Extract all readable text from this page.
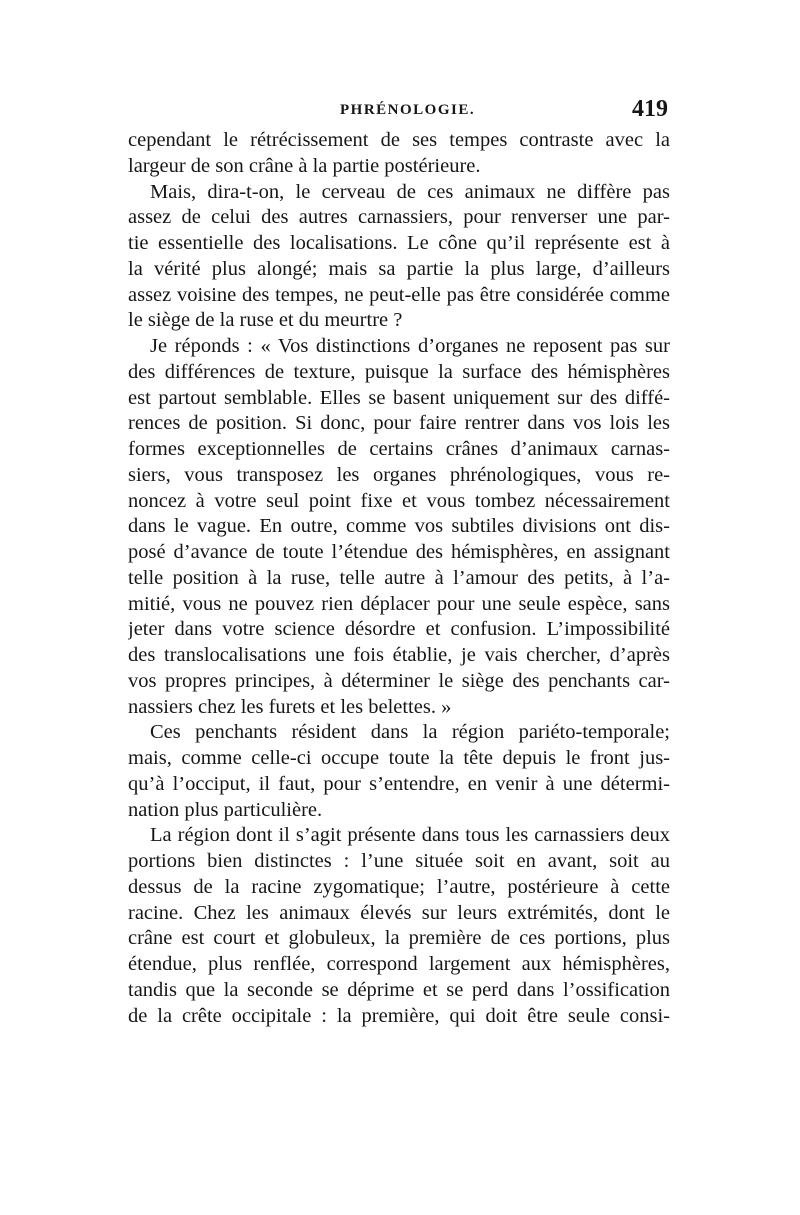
PHRÉNOLOGIE.	419
cependant le rétrécissement de ses tempes contraste avec la
largeur de son crâne à la partie postérieure.
Mais, dira-t-on, le cerveau de ces animaux ne diffère pas
assez de celui des autres carnassiers, pour renverser une par-
tie essentielle des localisations. Le cône qu’il représente est à
la vérité plus alongé; mais sa partie la plus large, d’ailleurs
assez voisine des tempes, ne peut-elle pas être considérée comme
le siège de la ruse et du meurtre ?
Je réponds : « Vos distinctions d’organes ne reposent pas sur
des différences de texture, puisque la surface des hémisphères
est partout semblable. Elles se basent uniquement sur des diffé-
rences de position. Si donc, pour faire rentrer dans vos lois les
formes exceptionnelles de certains crânes d’animaux carnas-
siers, vous transposez les organes phrénologiques, vous re-
noncez à votre seul point fixe et vous tombez nécessairement
dans le vague. En outre, comme vos subtiles divisions ont dis-
posé d’avance de toute l’étendue des hémisphères, en assignant
telle position à la ruse, telle autre à l’amour des petits, à l’a-
mitié, vous ne pouvez rien déplacer pour une seule espèce, sans
jeter dans votre science désordre et confusion. L’impossibilité
des translocalisations une fois établie, je vais chercher, d’après
vos propres principes, à déterminer le siège des penchants car-
nassiers chez les furets et les belettes. »
Ces penchants résident dans la région pariéto-temporale;
mais, comme celle-ci occupe toute la tête depuis le front jus-
qu’à l’occiput, il faut, pour s’entendre, en venir à une détermi-
nation plus particulière.
La région dont il s’agit présente dans tous les carnassiers deux
portions bien distinctes : l’une située soit en avant, soit au
dessus de la racine zygomatique; l’autre, postérieure à cette
racine. Chez les animaux élevés sur leurs extrémités, dont le
crâne est court et globuleux, la première de ces portions, plus
étendue, plus renflée, correspond largement aux hémisphères,
tandis que la seconde se déprime et se perd dans l’ossification
de la crête occipitale : la première, qui doit être seule consi-
